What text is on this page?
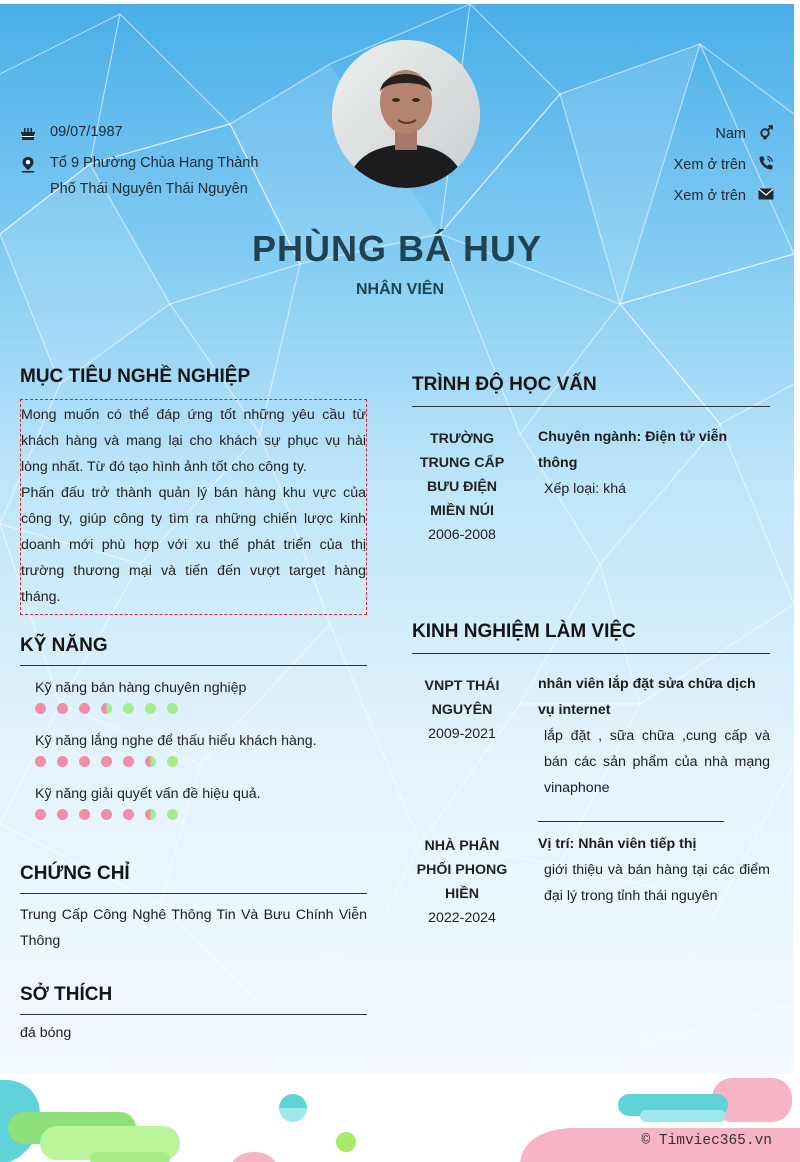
09/07/1987
Tổ 9 Phường Chùa Hang Thành
Phố Thái Nguyên Thái Nguyên
Nam
Xem ở trên
Xem ở trên
PHÙNG BÁ HUY
NHÂN VIÊN
MỤC TIÊU NGHỀ NGHIỆP
Mong muốn có thể đáp ứng tốt những yêu cầu từ khách hàng và mang lại cho khách sự phục vụ hài lòng nhất. Từ đó tạo hình ảnh tốt cho công ty.
Phấn đấu trở thành quản lý bán hàng khu vực của công ty, giúp công ty tìm ra những chiến lược kinh doanh mới phù hợp với xu thế phát triển của thị trường thương mại và tiến đến vượt target hàng tháng.
KỸ NĂNG
Kỹ năng bán hàng chuyên nghiệp
Kỹ năng lắng nghe để thấu hiểu khách hàng.
Kỹ năng giải quyết vấn đề hiệu quả.
CHỨNG CHỈ
Trung Cấp Công Nghê Thông Tin Và Bưu Chính Viễn Thông
SỞ THÍCH
đá bóng
TRÌNH ĐỘ HỌC VẤN
TRƯỜNG
TRUNG CẤP
BƯU ĐIỆN
MIỀN NÚI
2006-2008
Chuyên ngành: Điện tử viễn thông
Xếp loại: khá
KINH NGHIỆM LÀM VIỆC
VNPT THÁI
NGUYÊN
2009-2021
nhân viên lắp đặt sửa chữa dịch vụ internet
lắp đặt , sữa chữa ,cung cấp và bán các sản phẩm của nhà mạng vinaphone
NHÀ PHÂN
PHỐI PHONG
HIỀN
2022-2024
Vị trí: Nhân viên tiếp thị
giới thiệu và bán hàng tại các điểm đại lý trong tỉnh thái nguyên
© Timviec365.vn
